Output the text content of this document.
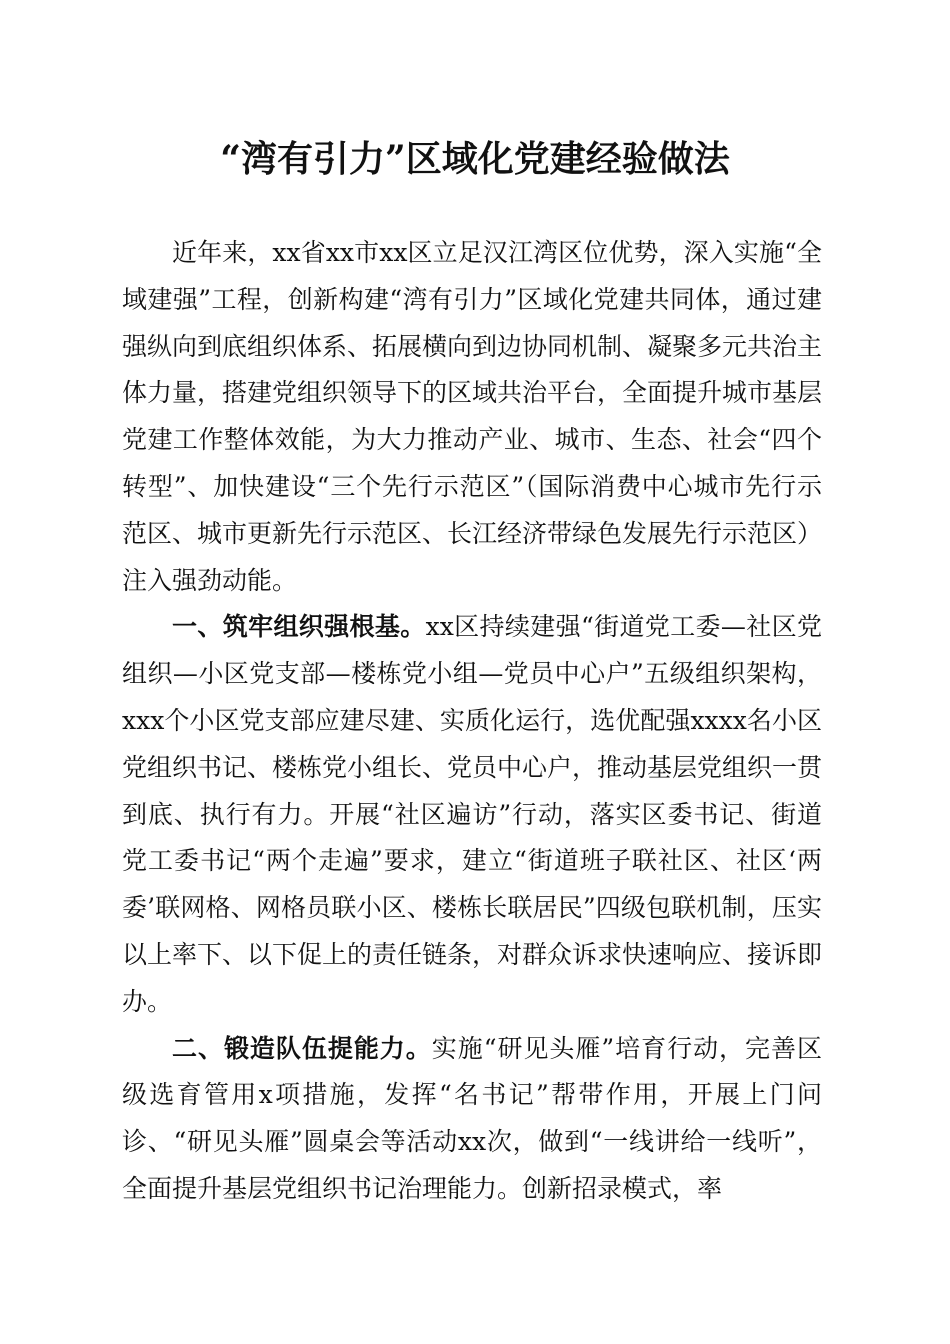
“湾有引力”区域化党建经验做法

近年来，xx省xx市xx区立足汉江湾区位优势，深入实施“全域建强”工程，创新构建“湾有引力”区域化党建共同体，通过建强纵向到底组织体系、拓展横向到边协同机制、凝聚多元共治主体力量，搭建党组织领导下的区域共治平台，全面提升城市基层党建工作整体效能，为大力推动产业、城市、生态、社会“四个转型”、加快建设“三个先行示范区”（国际消费中心城市先行示范区、城市更新先行示范区、长江经济带绿色发展先行示范区）注入强劲动能。

一、筑牢组织强根基。xx区持续建强“街道党工委—社区党组织—小区党支部—楼栋党小组—党员中心户”五级组织架构，xxx个小区党支部应建尽建、实质化运行，选优配强xxxx名小区党组织书记、楼栋党小组长、党员中心户，推动基层党组织一贯到底、执行有力。开展“社区遍访”行动，落实区委书记、街道党工委书记“两个走遍”要求，建立“街道班子联社区、社区‘两委’联网格、网格员联小区、楼栋长联居民”四级包联机制，压实以上率下、以下促上的责任链条，对群众诉求快速响应、接诉即办。

二、锻造队伍提能力。实施“研见头雁”培育行动，完善区级选育管用x项措施，发挥“名书记”帮带作用，开展上门问诊、“研见头雁”圆桌会等活动xx次，做到“一线讲给一线听”，全面提升基层党组织书记治理能力。创新招录模式，率
